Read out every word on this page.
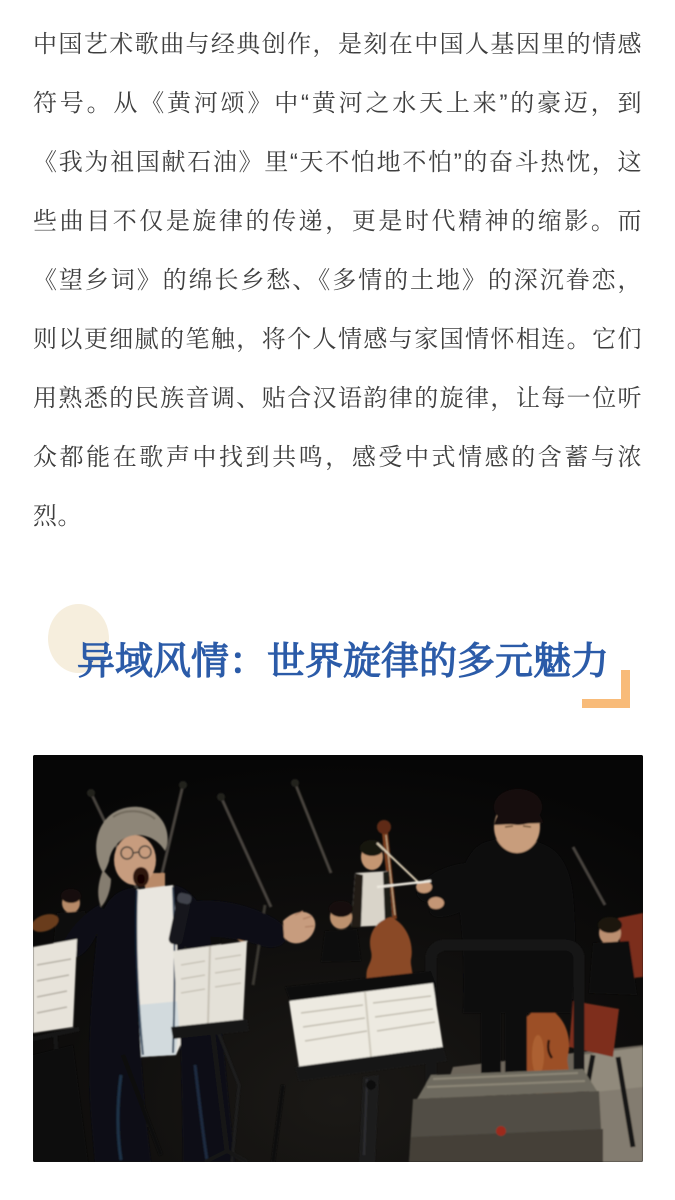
中国艺术歌曲与经典创作，是刻在中国人基因里的情感
符号。从《黄河颂》中“黄河之水天上来”的豪迈，到
《我为祖国献石油》里“天不怕地不怕”的奋斗热忱，这
些曲目不仅是旋律的传递，更是时代精神的缩影。而
《望乡词》的绵长乡愁、《多情的土地》的深沉眷恋，
则以更细腻的笔触，将个人情感与家国情怀相连。它们
用熟悉的民族音调、贴合汉语韵律的旋律，让每一位听
众都能在歌声中找到共鸣，感受中式情感的含蓄与浓
烈。
异域风情：世界旋律的多元魅力
